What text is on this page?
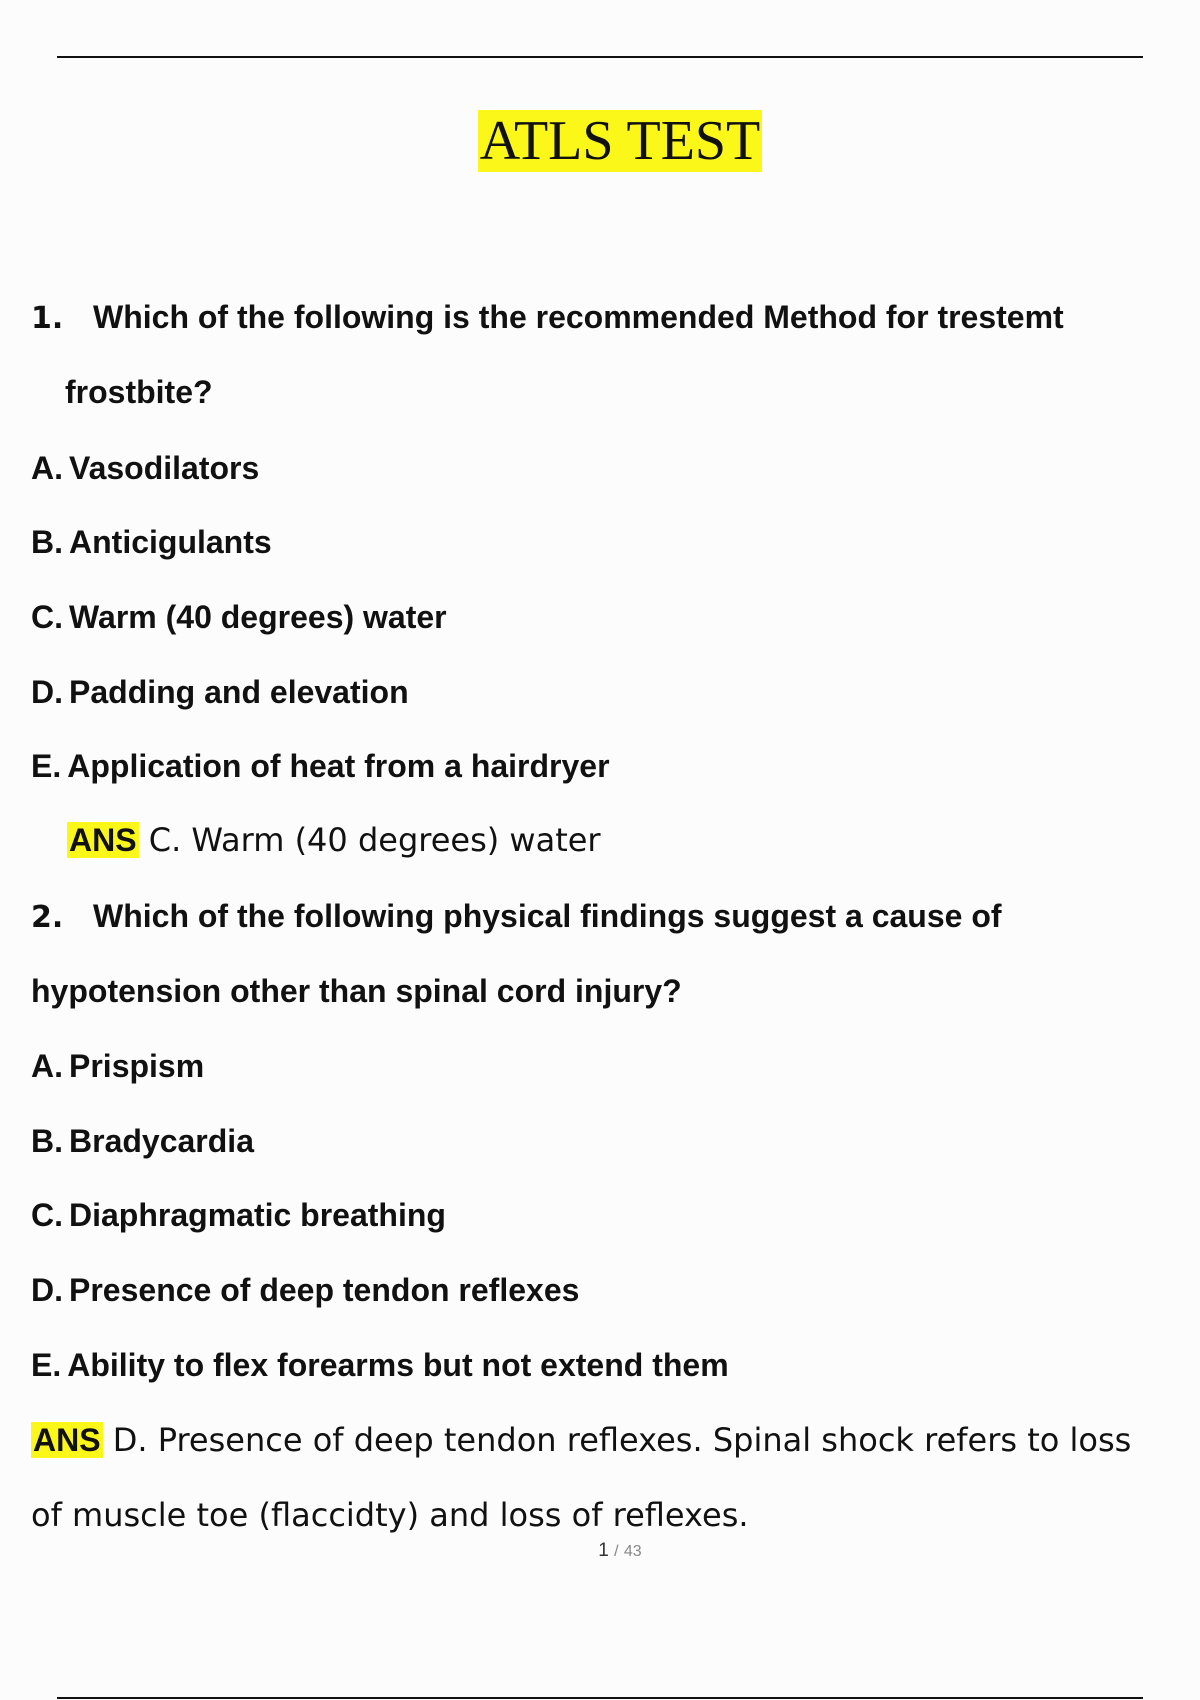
ATLS TEST
1. Which of the following is the recommended Method for trestemt
frostbite?
A. Vasodilators
B. Anticigulants
C. Warm (40 degrees) water
D. Padding and elevation
E. Application of heat from a hairdryer
ANS C. Warm (40 degrees) water
2. Which of the following physical findings suggest a cause of
hypotension other than spinal cord injury?
A. Prispism
B. Bradycardia
C. Diaphragmatic breathing
D. Presence of deep tendon reflexes
E. Ability to flex forearms but not extend them
ANS D. Presence of deep tendon reflexes. Spinal shock refers to loss
of muscle toe (flaccidty) and loss of reflexes.
1 / 43
